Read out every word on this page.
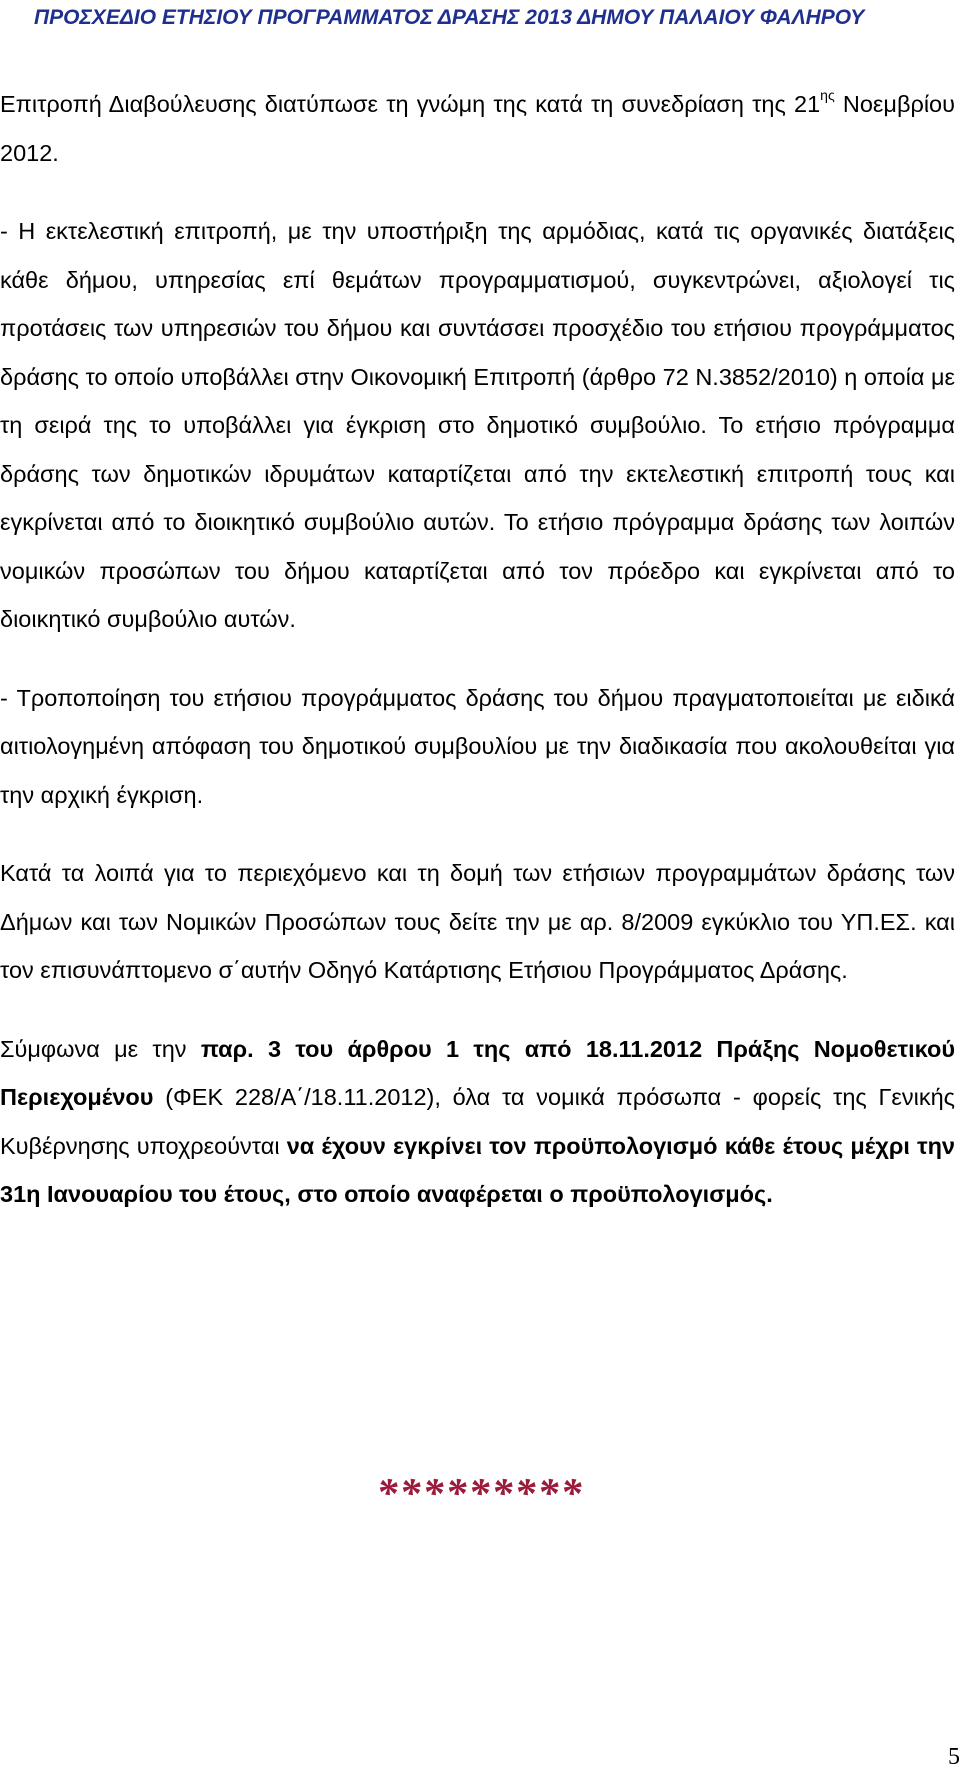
ΠΡΟΣΧΕΔΙΟ ΕΤΗΣΙΟΥ ΠΡΟΓΡΑΜΜΑΤΟΣ ΔΡΑΣΗΣ 2013 ΔΗΜΟΥ ΠΑΛΑΙΟΥ ΦΑΛΗΡΟΥ

Επιτροπή Διαβούλευσης διατύπωσε τη γνώμη της κατά τη συνεδρίαση της $21^{\eta\varsigma}$ Νοεμβρίου 2012.

- Η εκτελεστική επιτροπή, με την υποστήριξη της αρμόδιας, κατά τις οργανικές διατάξεις κάθε δήμου, υπηρεσίας επί θεμάτων προγραμματισμού, συγκεντρώνει, αξιολογεί τις προτάσεις των υπηρεσιών του δήμου και συντάσσει προσχέδιο του ετήσιου προγράμματος δράσης το οποίο υποβάλλει στην Οικονομική Επιτροπή (άρθρο 72 Ν.3852/2010) η οποία με τη σειρά της το υποβάλλει για έγκριση στο δημοτικό συμβούλιο. Το ετήσιο πρόγραμμα δράσης των δημοτικών ιδρυμάτων καταρτίζεται από την εκτελεστική επιτροπή τους και εγκρίνεται από το διοικητικό συμβούλιο αυτών. Το ετήσιο πρόγραμμα δράσης των λοιπών νομικών προσώπων του δήμου καταρτίζεται από τον πρόεδρο και εγκρίνεται από το διοικητικό συμβούλιο αυτών.

- Τροποποίηση του ετήσιου προγράμματος δράσης του δήμου πραγματοποιείται με ειδικά αιτιολογημένη απόφαση του δημοτικού συμβουλίου με την διαδικασία που ακολουθείται για την αρχική έγκριση.

Κατά τα λοιπά για το περιεχόμενο και τη δομή των ετήσιων προγραμμάτων δράσης των Δήμων και των Νομικών Προσώπων τους δείτε την με αρ. 8/2009 εγκύκλιο του ΥΠ.ΕΣ. και τον επισυνάπτομενο σ΄αυτήν Οδηγό Κατάρτισης Ετήσιου Προγράμματος Δράσης.

Σύμφωνα με την παρ. 3 του άρθρου 1 της από 18.11.2012 Πράξης Νομοθετικού Περιεχομένου (ΦΕΚ 228/Α΄/18.11.2012), όλα τα νομικά πρόσωπα - φορείς της Γενικής Κυβέρνησης υποχρεούνται να έχουν εγκρίνει τον προϋπολογισμό κάθε έτους μέχρι την 31η Ιανουαρίου του έτους, στο οποίο αναφέρεται ο προϋπολογισμός.

*********
5
